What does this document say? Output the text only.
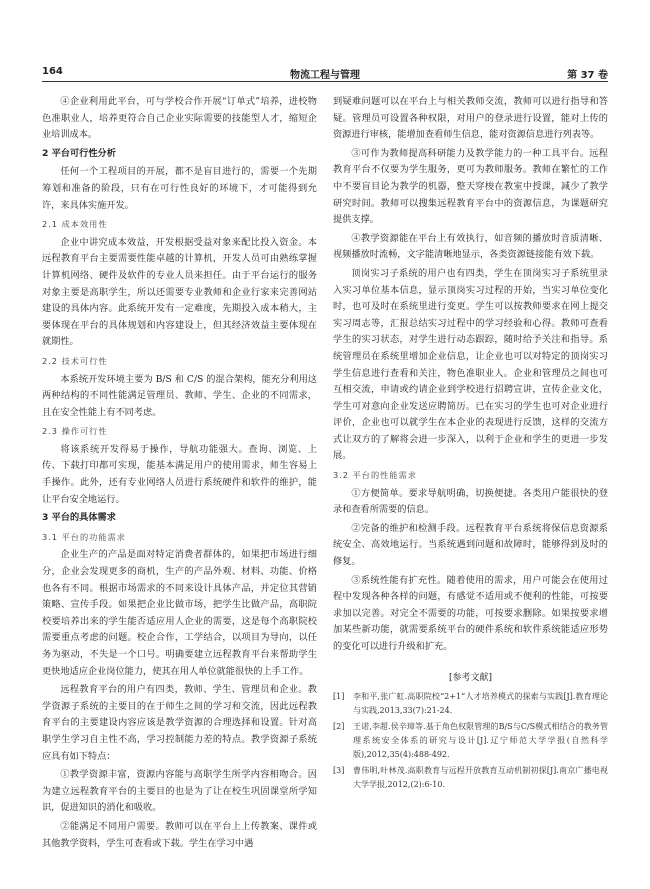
164	物流工程与管理	第 37 卷

④企业利用此平台，可与学校合作开展“订单式”培养，进校物色准职业人，培养更符合自己企业实际需要的技能型人才，缩短企业培训成本。

2 平台可行性分析

任何一个工程项目的开展，都不是盲目进行的，需要一个先期筹划和准备的阶段，只有在可行性良好的环境下，才可能得到允许，来具体实施开发。

2.1 成本效用性

企业中讲究成本效益，开发根据受益对象来配比投入资金。本远程教育平台主要需要性能卓越的计算机，开发人员可由熟练掌握计算机网络、硬件及软件的专业人员来担任。由于平台运行的服务对象主要是高职学生，所以还需要专业教师和企业行家来完善网站建设的具体内容。此系统开发有一定难度，先期投入成本稍大，主要体现在平台的具体规划和内容建设上，但其经济效益主要体现在就期性。

2.2 技术可行性

本系统开发环境主要为 B/S 和 C/S 的混合架构，能充分利用这两种结构的不同性能满足管理员、教师、学生、企业的不同需求，且在安全性能上有不同考虑。

2.3 操作可行性

将该系统开发得易于操作，导航功能强大。查询、浏览、上传、下载打印都可实现，能基本满足用户的使用需求，师生容易上手操作。此外，还有专业网络人员进行系统硬件和软件的维护，能让平台安全地运行。

3 平台的具体需求
3.1 平台的功能需求

企业生产的产品是面对特定消费者群体的，如果把市场进行细分，企业会发现更多的商机，生产的产品外观、材料、功能、价格也各有不同。根据市场需求的不同来设计具体产品，并定位其营销策略、宣传手段。如果把企业比做市场，把学生比做产品，高职院校要培养出来的学生能否适应用人企业的需要，这是每个高职院校需要重点考虑的问题。校企合作，工学结合，以项目为导向，以任务为驱动，不失是一个口号。明确要建立远程教育平台来帮助学生更快地适应企业岗位能力，使其在用人单位就能很快的上手工作。

远程教育平台的用户有四类，教师、学生、管理员和企业。教学资源子系统的主要目的在于师生之间的学习和交流，因此远程教育平台的主要建设内容应该是教学资源的合理选择和设置。针对高职学生学习自主性不高，学习控制能力差的特点。教学资源子系统应具有如下特点：

①教学资源丰富，资源内容能与高职学生所学内容相吻合。因为建立远程教育平台的主要目的也是为了让在校生巩固课堂所学知识，促进知识的消化和吸收。

②能满足不同用户需要。教师可以在平台上上传教案、课件或其他教学资料，学生可查看或下载。学生在学习中遇

到疑难问题可以在平台上与相关教师交流，教师可以进行指导和答疑。管理员可设置各种权限，对用户的登录进行设置，能对上传的资源进行审核，能增加查看师生信息，能对资源信息进行列表等。

③可作为教师提高科研能力及教学能力的一种工具平台。远程教育平台不仅要为学生服务，更可为教师服务。教师在繁忙的工作中不要盲目论为教学的机器，整天穿梭在教室中授课，减少了教学研究时间。教师可以搜集远程教育平台中的资源信息，为课题研究提供支撑。

④教学资源能在平台上有效执行，如音频的播放时音质清晰、视频播放时流畅，文字能清晰地显示，各类资源链接能有效下载。

顶岗实习子系统的用户也有四类，学生在顶岗实习子系统里录入实习单位基本信息，显示顶岗实习过程的开始，当实习单位变化时，也可及时在系统里进行变更。学生可以按教师要求在网上提交实习周志等，汇报总结实习过程中的学习经验和心得。教师可查看学生的实习状态，对学生进行动态跟踪，随时给予关注和指导。系统管理员在系统里增加企业信息，让企业也可以对特定的顶岗实习学生信息进行查看和关注，物色准职业人。企业和管理员之间也可互相交流，申请或约请企业到学校进行招聘宣讲，宣传企业文化，学生可对意向企业发送应聘简历。已在实习的学生也可对企业进行评价，企业也可以就学生在本企业的表现进行反馈，这样的交流方式让双方的了解将会进一步深入，以利于企业和学生的更进一步发展。

3.2 平台的性能需求

①方便简单。要求导航明确，切换便捷。各类用户能很快的登录和查看所需要的信息。

②完备的维护和检测手段。远程教育平台系统将保信息资源系统安全、高效地运行。当系统遇到问题和故障时，能够得到及时的修复。

③系统性能有扩充性。随着使用的需求，用户可能会在使用过程中发现各种各样的问题，有感觉不适用或不便利的性能，可按要求加以完善。对完全不需要的功能，可按要求删除。如果按要求增加某些新功能，就需要系统平台的硬件系统和软件系统能适应形势的变化可以进行升级和扩充。

[参考文献]
[1]	李和平,张广虹.高职院校“2+1”人才培养模式的探索与实践[J].教育理论与实践,2013,33(7):21-24.
[2]	王诺,李超.侯辛璋等.基于角色权限管理的B/S与C/S模式相结合的教务管理系统安全体系的研究与设计[J].辽宁师范大学学报(自然科学版),2012,35(4):488-492.
[3]	曹伟明,叶林茂.高职教育与远程开放教育互动机制初探[J].南京广播电视大学学报,2012,(2):6-10.
